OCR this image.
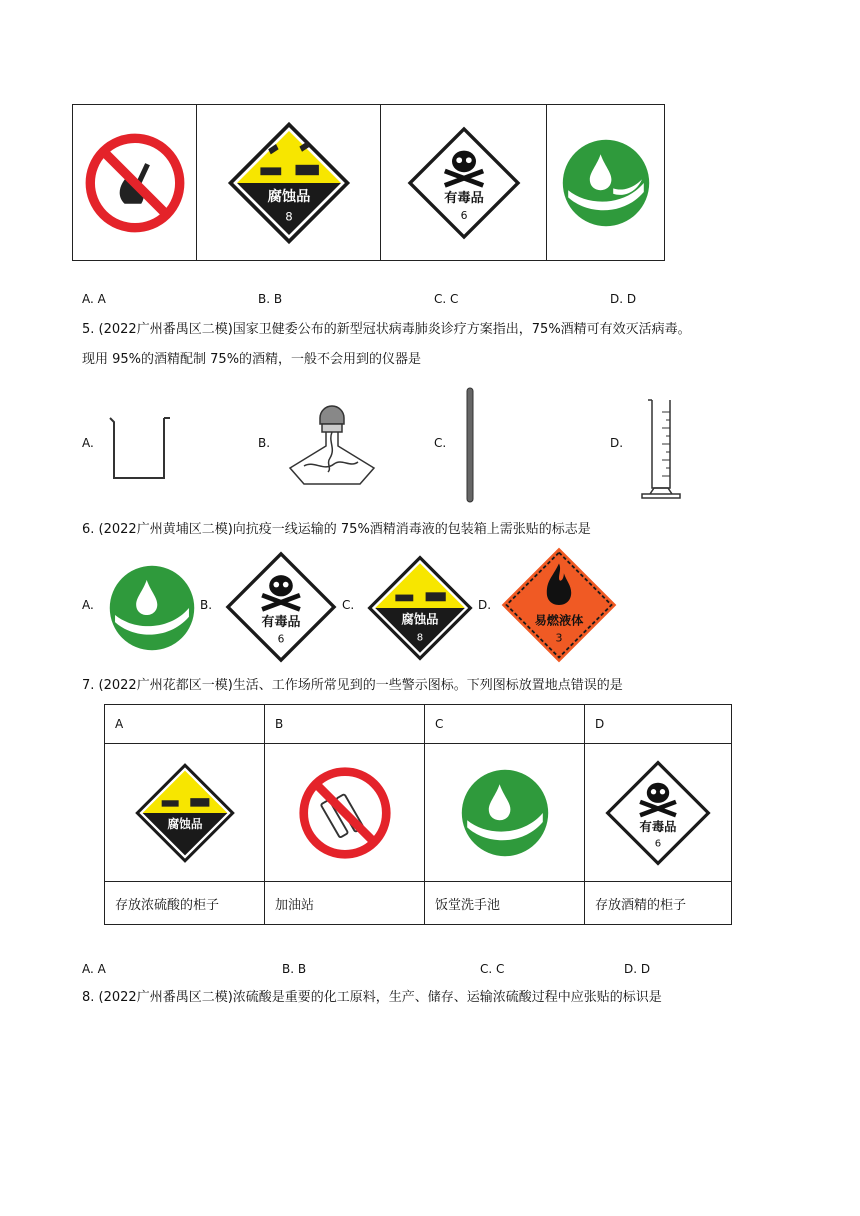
腐蚀品
8

有毒品
6

A. A	B. B	C. C	D. D
5. (2022广州番禺区二模)国家卫健委公布的新型冠状病毒肺炎诊疗方案指出，75%酒精可有效灭活病毒。
现用 95%的酒精配制 75%的酒精，一般不会用到的仪器是
A.	B.	C.	D.
6. (2022广州黄埔区二模)向抗疫一线运输的 75%酒精消毒液的包装箱上需张贴的标志是
A.	B.
有毒品
6
C.
腐蚀品
8
D.
易燃液体
3
7. (2022广州花都区一模)生活、工作场所常见到的一些警示图标。下列图标放置地点错误的是
A	B	C	D

腐蚀品			有毒品
6

存放浓硫酸的柜子	加油站	饭堂洗手池	存放酒精的柜子
A. A	B. B	C. C	D. D
8. (2022广州番禺区二模)浓硫酸是重要的化工原料，生产、储存、运输浓硫酸过程中应张贴的标识是
